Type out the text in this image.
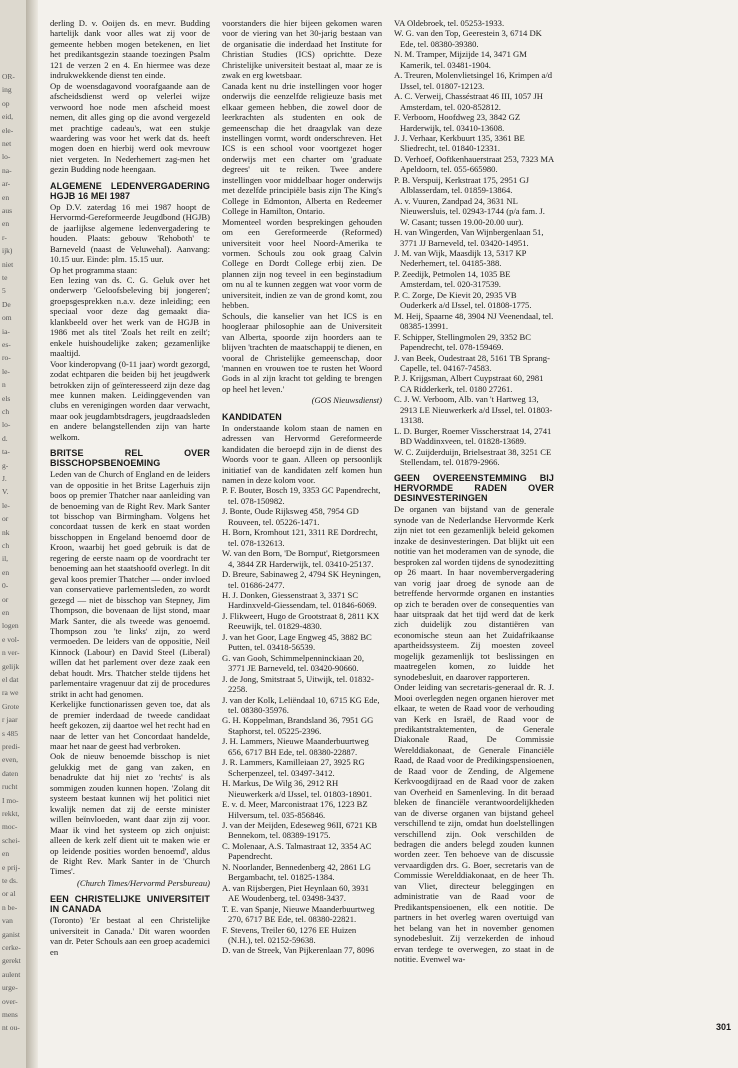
OR-
ing
op
eid,
ele-
net
lo-
na-
ar-
en
aus
en
r-
ijk)
niet
te
5
De
om
ia-
es-
ro-
le-
n
els
ch
lo-
d.
ta-
g-
J.
V.
le-
or
nk
ch
il,
en
0-
or
en
logen
e vol-
n ver-
gelijk
el dat
ra we
Grote
r jaar
s 485
predi-
even,
daten
rucht
I mo-
rekkt,
moc-
schei-
en
e prij-
te ds.
or al
n be-
van
ganist
cerke-
gerekt
aulent
urge-
over-
mens
nt ou-

derling D. v. Ooijen ds. en mevr. Budding hartelijk dank voor alles wat zij voor de gemeente hebben mogen betekenen, en liet het predikantsgezin staande toezingen Psalm 121 de verzen 2 en 4. En hiermee was deze indrukwekkende dienst ten einde.

Op de woensdagavond voorafgaande aan de afscheidsdienst werd op velerlei wijze verwoord hoe node men afscheid moest nemen, dit alles ging op die avond vergezeld met prachtige cadeau's, wat een stukje waardering was voor het werk dat ds. heeft mogen doen en hierbij werd ook mevrouw niet vergeten. In Nederhemert zag-men het gezin Budding node heengaan.

ALGEMENE LEDENVERGADERING HGJB 16 MEI 1987

Op D.V. zaterdag 16 mei 1987 hoopt de Hervormd-Gereformeerde Jeugdbond (HGJB) de jaarlijkse algemene ledenvergadering te houden. Plaats: gebouw 'Rehoboth' te Barneveld (naast de Veluwehal). Aanvang: 10.15 uur. Einde: plm. 15.15 uur.

Op het programma staan:

Een lezing van ds. C. G. Geluk over het onderwerp 'Geloofsbeleving bij jongeren'; groepsgesprekken n.a.v. deze inleiding; een speciaal voor deze dag gemaakt dia-klankbeeld over het werk van de HGJB in 1986 met als titel 'Zoals het reilt en zeilt'; enkele huishoudelijke zaken; gezamenlijke maaltijd.

Voor kinderopvang (0-11 jaar) wordt gezorgd, zodat echtparen die beiden bij het jeugdwerk betrokken zijn of geïnteresseerd zijn deze dag mee kunnen maken. Leidinggevenden van clubs en verenigingen worden daar verwacht, maar ook jeugdambtsdragers, jeugdraadsleden en andere belangstellenden zijn van harte welkom.

BRITSE REL OVER BISSCHOPSBENOEMING

Leden van de Church of England en de leiders van de oppositie in het Britse Lagerhuis zijn boos op premier Thatcher naar aanleiding van de benoeming van de Right Rev. Mark Santer tot bisschop van Birmingham. Volgens het concordaat tussen de kerk en staat worden bisschoppen in Engeland benoemd door de Kroon, waarbij het goed gebruik is dat de regering de eerste naam op de voordracht ter benoeming aan het staatshoofd overlegt. In dit geval koos premier Thatcher — onder invloed van conservatieve parlementsleden, zo wordt gezegd — niet de bisschop van Stepney, Jim Thompson, die bovenaan de lijst stond, maar Mark Santer, die als tweede was genoemd. Thompson zou 'te links' zijn, zo werd vermoeden. De leiders van de oppositie, Neil Kinnock (Labour) en David Steel (Liberal) willen dat het parlement over deze zaak een debat houdt. Mrs. Thatcher stelde tijdens het parlementaire vragenuur dat zij de procedures strikt in acht had genomen.

Kerkelijke functionarissen geven toe, dat als de premier inderdaad de tweede candidaat heeft gekozen, zij daartoe wel het recht had en naar de letter van het Concordaat handelde, maar het naar de geest had verbroken.

Ook de nieuw benoemde bisschop is niet gelukkig met de gang van zaken, en benadrukte dat hij niet zo 'rechts' is als sommigen zouden kunnen hopen. 'Zolang dit systeem bestaat kunnen wij het politici niet kwalijk nemen dat zij de eerste minister willen beïnvloeden, want daar zijn zij voor. Maar ik vind het systeem op zich onjuist: alleen de kerk zelf dient uit te maken wie er op leidende posities worden benoemd', aldus de Right Rev. Mark Santer in de 'Church Times'.

(Church Times/Hervormd Persbureau)

EEN CHRISTELIJKE UNIVERSITEIT IN CANADA

(Toronto) 'Er bestaat al een Christelijke universiteit in Canada.' Dit waren woorden van dr. Peter Schouls aan een groep academici en

voorstanders die hier bijeen gekomen waren voor de viering van het 30-jarig bestaan van de organisatie die inderdaad het Institute for Christian Studies (ICS) oprichtte. Deze Christelijke universiteit bestaat al, maar ze is zwak en erg kwetsbaar.

Canada kent nu drie instellingen voor hoger onderwijs die eenzelfde religieuze basis met elkaar gemeen hebben, die zowel door de leerkrachten als studenten en ook de gemeenschap die het draagvlak van deze instellingen vormt, wordt onderschreven. Het ICS is een school voor voortgezet hoger onderwijs met een charter om 'graduate degrees' uit te reiken. Twee andere instellingen voor middelbaar hoger onderwijs met dezelfde principiële basis zijn The King's College in Edmonton, Alberta en Redeemer College in Hamilton, Ontario.

Momenteel worden besprekingen gehouden om een Gereformeerde (Reformed) universiteit voor heel Noord-Amerika te vormen. Schouls zou ook graag Calvin College en Dordt College erbij zien. De plannen zijn nog teveel in een beginstadium om nu al te kunnen zeggen wat voor vorm de universiteit, indien ze van de grond komt, zou hebben.

Schouls, die kanselier van het ICS is en hoogleraar philosophie aan de Universiteit van Alberta, spoorde zijn hoorders aan te blijven 'trachten de maatschappij te dienen, en vooral de Christelijke gemeenschap, door 'mannen en vrouwen toe te rusten het Woord Gods in al zijn kracht tot gelding te brengen op heel het leven.'

(GOS Nieuwsdienst)

KANDIDATEN

In onderstaande kolom staan de namen en adressen van Hervormd Gereformeerde kandidaten die beroepd zijn in de dienst des Woords voor te gaan. Alleen op persoonlijk initiatief van de kandidaten zelf komen hun namen in deze kolom voor.

P. F. Bouter, Bosch 19, 3353 GC Papendrecht, tel. 078-150982.

J. Bonte, Oude Rijksweg 458, 7954 GD Rouveen, tel. 05226-1471.

H. Born, Kromhout 121, 3311 RE Dordrecht, tel. 078-132613.

W. van den Born, 'De Bornput', Rietgorsmeen 4, 3844 ZR Harderwijk, tel. 03410-25137.

D. Breure, Sabinaweg 2, 4794 SK Heyningen, tel. 01686-2477.

H. J. Donken, Giessenstraat 3, 3371 SC Hardinxveld-Giessendam, tel. 01846-6069.

J. Flikweert, Hugo de Grootstraat 8, 2811 KX Reeuwijk, tel. 01829-4830.

J. van het Goor, Lage Engweg 45, 3882 BC Putten, tel. 03418-56539.

G. van Gooh, Schimmelpenninckiaan 20, 3771 JE Barneveld, tel. 03420-90660.

J. de Jong, Smitstraat 5, Uitwijk, tel. 01832-2258.

J. van der Kolk, Leliëndaal 10, 6715 KG Ede, tel. 08380-35976.

G. H. Koppelman, Brandsland 36, 7951 GG Staphorst, tel. 05225-2396.

J. H. Lammers, Nieuwe Maanderbuurtweg 656, 6717 BH Ede, tel. 08380-22887.

J. R. Lammers, Kamilleiaan 27, 3925 RG Scherpenzeel, tel. 03497-3412.

H. Markus, De Wilg 36, 2912 RH Nieuwerkerk a/d IJssel, tel. 01803-18901.

E. v. d. Meer, Marconistraat 176, 1223 BZ Hilversum, tel. 035-856846.

J. van der Meijden, Edeseweg 96II, 6721 KB Bennekom, tel. 08389-19175.

C. Molenaar, A.S. Talmastraat 12, 3354 AC Papendrecht.

N. Noorlander, Bennedenberg 42, 2861 LG Bergambacht, tel. 01825-1384.

A. van Rijsbergen, Piet Heynlaan 60, 3931 AE Woudenberg, tel. 03498-3437.

T. E. van Spanje, Nieuwe Maanderbuurtweg 270, 6717 BE Ede, tel. 08380-22821.

F. Stevens, Treiler 60, 1276 EE Huizen (N.H.), tel. 02152-59638.

D. van de Streek, Van Pijkerenlaan 77, 8096

VA Oldebroek, tel. 05253-1933.

W. G. van den Top, Geerestein 3, 6714 DK Ede, tel. 08380-39380.

N. M. Tramper, Mijzijde 14, 3471 GM Kamerik, tel. 03481-1904.

A. Treuren, Molenvlietsingel 16, Krimpen a/d IJssel, tel. 01807-12123.

A. C. Verweij, Chasséstraat 46 III, 1057 JH Amsterdam, tel. 020-852812.

F. Verboom, Hoofdweg 23, 3842 GZ Harderwijk, tel. 03410-13608.

J. J. Verhaar, Kerkbuurt 135, 3361 BE Sliedrecht, tel. 01840-12331.

D. Verhoef, Ooftkenhauerstraat 253, 7323 MA Apeldoorn, tel. 055-665980.

P. B. Verspuij, Kerkstraat 175, 2951 GJ Alblasserdam, tel. 01859-13864.

A. v. Vuuren, Zandpad 24, 3631 NL Nieuwersluis, tel. 02943-1744 (p/a fam. J. W. Casant; tussen 19.00-20.00 uur).

H. van Wingerden, Van Wijnbergenlaan 51, 3771 JJ Barneveld, tel. 03420-14951.

J. M. van Wijk, Maasdijk 13, 5317 KP Nederhemert, tel. 04185-388.

P. Zeedijk, Petmolen 14, 1035 BE Amsterdam, tel. 020-317539.

P. C. Zorge, De Kievit 20, 2935 VB Ouderkerk a/d IJssel, tel. 01808-1775.

M. Heij, Spaarne 48, 3904 NJ Veenendaal, tel. 08385-13991.

F. Schipper, Stellingmolen 29, 3352 BC Papendrecht, tel. 078-159469.

J. van Beek, Oudestraat 28, 5161 TB Sprang-Capelle, tel. 04167-74583.

P. J. Krijgsman, Albert Cuypstraat 60, 2981 CA Ridderkerk, tel. 0180 27261.

C. J. W. Verboom, Alb. van 't Hartweg 13, 2913 LE Nieuwerkerk a/d IJssel, tel. 01803-13138.

L. D. Burger, Roemer Visscherstraat 14, 2741 BD Waddinxveen, tel. 01828-13689.

W. C. Zuijderduijn, Brielsestraat 38, 3251 CE Stellendam, tel. 01879-2966.

GEEN OVEREENSTEMMING BIJ HERVORMDE RADEN OVER DESINVESTERINGEN

De organen van bijstand van de generale synode van de Nederlandse Hervormde Kerk zijn niet tot een gezamenlijk beleid gekomen inzake de desinvesteringen. Dat blijkt uit een notitie van het moderamen van de synode, die besproken zal worden tijdens de synodezitting op 26 maart. In haar novembervergadering van vorig jaar droeg de synode aan de betreffende hervormde organen en instanties op zich te beraden over de consequenties van haar uitspraak dat het tijd werd dat de kerk zich duidelijk zou distantiëren van economische steun aan het Zuidafrikaanse apartheidssysteem. Zij moesten zoveel mogelijk gezamenlijk tot beslissingen en maatregelen komen, zo luidde het synodebesluit, en daarover rapporteren.

Onder leiding van secretaris-generaal dr. R. J. Mooi overlegden negen organen hierover met elkaar, te weten de Raad voor de verhouding van Kerk en Israël, de Raad voor de predikantstraktementen, de Generale Diakonale Raad, De Commissie Werelddiakonaat, de Generale Financiële Raad, de Raad voor de Predikingspensioenen, de Raad voor de Zending, de Algemene Kerkvoogdijraad en de Raad voor de zaken van Overheid en Samenleving. In dit beraad bleken de financiële verantwoordelijkheden van de diverse organen van bijstand geheel verschillend te zijn, omdat hun doelstellingen verschillend zijn. Ook verschilden de bedragen die anders belegd zouden kunnen worden zeer. Ten behoeve van de discussie vervaardigden drs. G. Boer, secretaris van de Commissie Werelddiakonaat, en de heer Th. van Vliet, directeur beleggingen en administratie van de Raad voor de Predikantspensioenen, elk een notitie. De partners in het overleg waren overtuigd van het belang van het in november genomen synodebesluit. Zij verzekerden de inhoud ervan terdege te overwegen, zo staat in de notitie. Evenwel wa-

301
